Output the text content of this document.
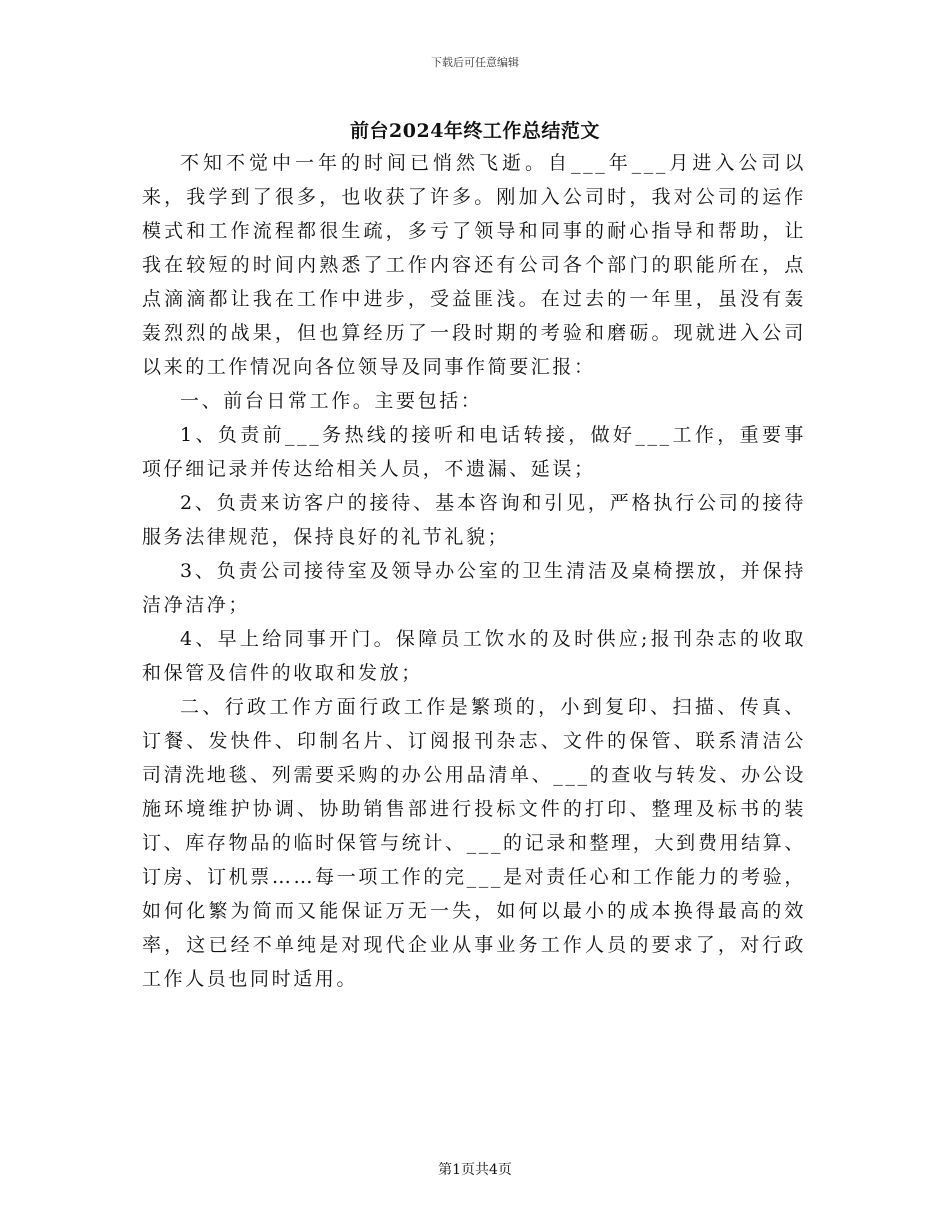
下载后可任意编辑
前台2024年终工作总结范文

不知不觉中一年的时间已悄然飞逝。自___年___月进入公司以来，我学到了很多，也收获了许多。刚加入公司时，我对公司的运作模式和工作流程都很生疏，多亏了领导和同事的耐心指导和帮助，让我在较短的时间内熟悉了工作内容还有公司各个部门的职能所在，点点滴滴都让我在工作中进步，受益匪浅。在过去的一年里，虽没有轰轰烈烈的战果，但也算经历了一段时期的考验和磨砺。现就进入公司以来的工作情况向各位领导及同事作简要汇报：

一、前台日常工作。主要包括：

1、负责前___务热线的接听和电话转接，做好___工作，重要事项仔细记录并传达给相关人员，不遗漏、延误；

2、负责来访客户的接待、基本咨询和引见，严格执行公司的接待服务法律规范，保持良好的礼节礼貌；

3、负责公司接待室及领导办公室的卫生清洁及桌椅摆放，并保持洁净洁净；

4、早上给同事开门。保障员工饮水的及时供应;报刊杂志的收取和保管及信件的收取和发放；

二、行政工作方面行政工作是繁琐的，小到复印、扫描、传真、订餐、发快件、印制名片、订阅报刊杂志、文件的保管、联系清洁公司清洗地毯、列需要采购的办公用品清单、___的查收与转发、办公设施环境维护协调、协助销售部进行投标文件的打印、整理及标书的装订、库存物品的临时保管与统计、___的记录和整理，大到费用结算、订房、订机票……每一项工作的完___是对责任心和工作能力的考验，如何化繁为简而又能保证万无一失，如何以最小的成本换得最高的效率，这已经不单纯是对现代企业从事业务工作人员的要求了，对行政工作人员也同时适用。

第1页共4页
